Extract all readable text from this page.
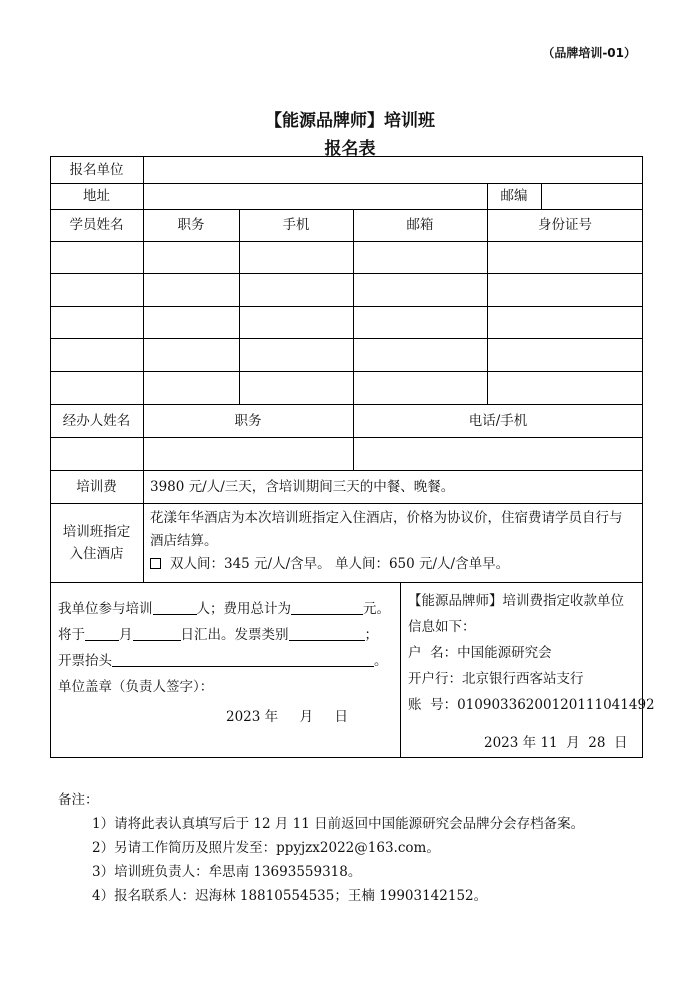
（品牌培训-01）
【能源品牌师】培训班
报名表
报名单位
地址	邮编
学员姓名	职务	手机	邮箱	身份证号
经办人姓名	职务	电话/手机
培训费	3980 元/人/三天，含培训期间三天的中餐、晚餐。
培训班指定
入住酒店
花漾年华酒店为本次培训班指定入住酒店，价格为协议价，住宿费请学员自行与
酒店结算。
双人间：345 元/人/含早。 单人间：650 元/人/含单早。
我单位参与培训	人；费用总计为	元。
将于	月	日汇出。发票类别	；
开票抬头	。
单位盖章（负责人签字）：
2023 年     月     日
【能源品牌师】培训费指定收款单位
信息如下：
户  名：中国能源研究会
开户行：北京银行西客站支行
账  号：01090336200120111041492
2023 年 11  月  28  日
备注：
1）请将此表认真填写后于 12 月 11 日前返回中国能源研究会品牌分会存档备案。
2）另请工作简历及照片发至：ppyjzx2022@163.com。
3）培训班负责人：牟思南 13693559318。
4）报名联系人：迟海林 18810554535；王楠 19903142152。
